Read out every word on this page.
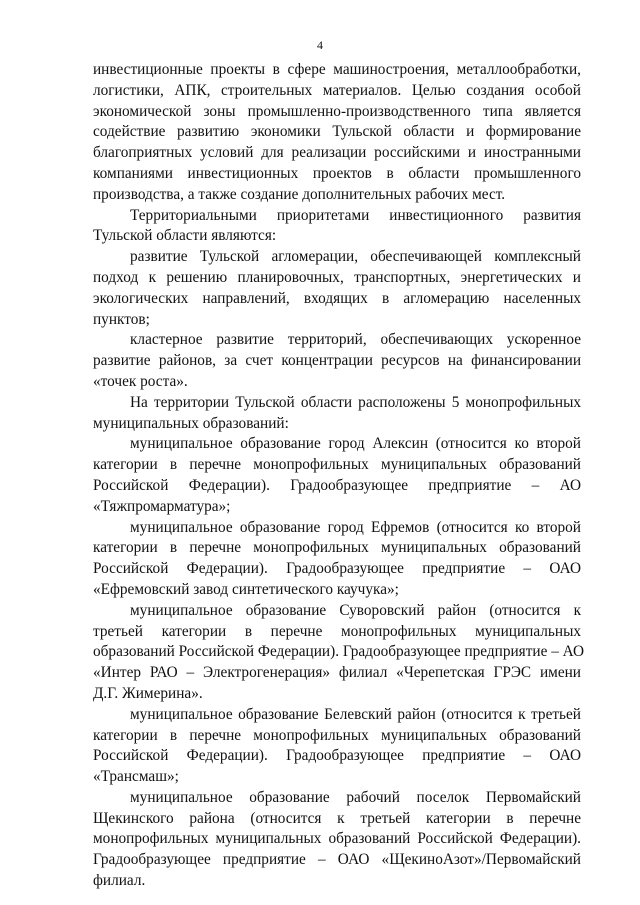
4
инвестиционные проекты в сфере машиностроения, металлообработки,
логистики, АПК, строительных материалов. Целью создания особой
экономической зоны промышленно-производственного типа является
содействие развитию экономики Тульской области и формирование
благоприятных условий для реализации российскими и иностранными
компаниями инвестиционных проектов в области промышленного
производства, а также создание дополнительных рабочих мест.
Территориальными приоритетами инвестиционного развития
Тульской области являются:
развитие Тульской агломерации, обеспечивающей комплексный
подход к решению планировочных, транспортных, энергетических и
экологических направлений, входящих в агломерацию населенных
пунктов;
кластерное развитие территорий, обеспечивающих ускоренное
развитие районов, за счет концентрации ресурсов на финансировании
«точек роста».
На территории Тульской области расположены 5 монопрофильных
муниципальных образований:
муниципальное образование город Алексин (относится ко второй
категории в перечне монопрофильных муниципальных образований
Российской Федерации). Градообразующее предприятие – АО
«Тяжпромарматура»;
муниципальное образование город Ефремов (относится ко второй
категории в перечне монопрофильных муниципальных образований
Российской Федерации). Градообразующее предприятие – ОАО
«Ефремовский завод синтетического каучука»;
муниципальное образование Суворовский район (относится к
третьей категории в перечне монопрофильных муниципальных
образований Российской Федерации). Градообразующее предприятие – АО
«Интер РАО – Электрогенерация» филиал «Черепетская ГРЭС имени
Д.Г. Жимерина».
муниципальное образование Белевский район (относится к третьей
категории в перечне монопрофильных муниципальных образований
Российской Федерации). Градообразующее предприятие – ОАО
«Трансмаш»;
муниципальное образование рабочий поселок Первомайский
Щекинского района (относится к третьей категории в перечне
монопрофильных муниципальных образований Российской Федерации).
Градообразующее предприятие – ОАО «ЩекиноАзот»/Первомайский
филиал.
